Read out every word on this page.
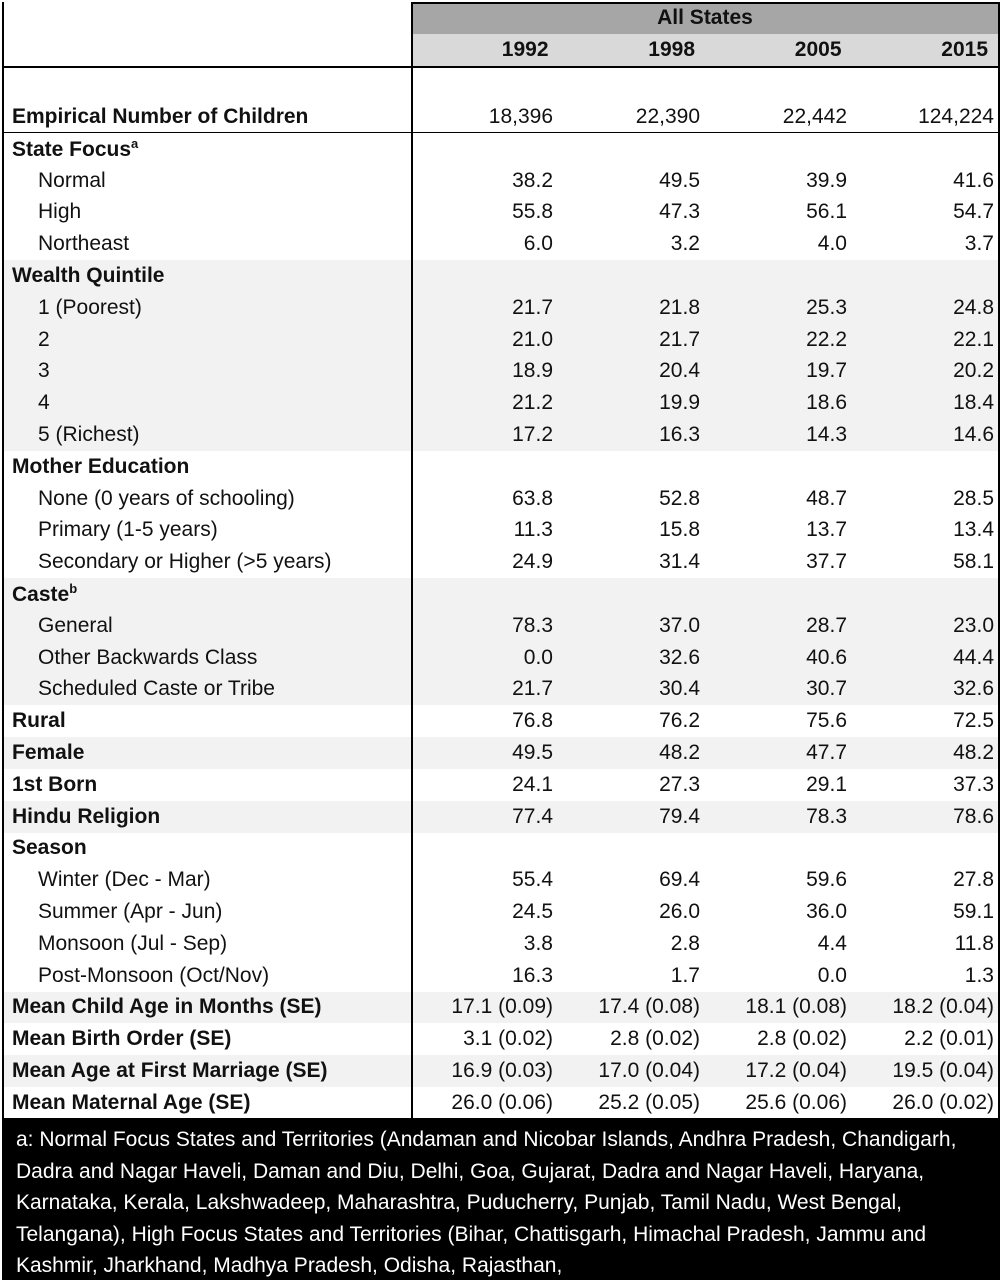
All States
1992	1998	2005	2015
Empirical Number of Children	18,396	22,390	22,442	124,224
State Focus$^a$
Normal	38.2	49.5	39.9	41.6
High	55.8	47.3	56.1	54.7
Northeast	6.0	3.2	4.0	3.7
Wealth Quintile
1 (Poorest)	21.7	21.8	25.3	24.8
2	21.0	21.7	22.2	22.1
3	18.9	20.4	19.7	20.2
4	21.2	19.9	18.6	18.4
5 (Richest)	17.2	16.3	14.3	14.6
Mother Education
None (0 years of schooling)	63.8	52.8	48.7	28.5
Primary (1-5 years)	11.3	15.8	13.7	13.4
Secondary or Higher (>5 years)	24.9	31.4	37.7	58.1
Caste$^b$
General	78.3	37.0	28.7	23.0
Other Backwards Class	0.0	32.6	40.6	44.4
Scheduled Caste or Tribe	21.7	30.4	30.7	32.6
Rural	76.8	76.2	75.6	72.5
Female	49.5	48.2	47.7	48.2
1st Born	24.1	27.3	29.1	37.3
Hindu Religion	77.4	79.4	78.3	78.6
Season
Winter (Dec - Mar)	55.4	69.4	59.6	27.8
Summer (Apr - Jun)	24.5	26.0	36.0	59.1
Monsoon (Jul - Sep)	3.8	2.8	4.4	11.8
Post-Monsoon (Oct/Nov)	16.3	1.7	0.0	1.3
Mean Child Age in Months (SE)	17.1 (0.09)	17.4 (0.08)	18.1 (0.08)	18.2 (0.04)
Mean Birth Order (SE)	3.1 (0.02)	2.8 (0.02)	2.8 (0.02)	2.2 (0.01)
Mean Age at First Marriage (SE)	16.9 (0.03)	17.0 (0.04)	17.2 (0.04)	19.5 (0.04)
Mean Maternal Age (SE)	26.0 (0.06)	25.2 (0.05)	25.6 (0.06)	26.0 (0.02)
a: Normal Focus States and Territories (Andaman and Nicobar Islands, Andhra Pradesh, Chandigarh, Dadra and Nagar Haveli, Daman and Diu, Delhi, Goa, Gujarat, Dadra and Nagar Haveli, Haryana, Karnataka, Kerala, Lakshwadeep, Maharashtra, Puducherry, Punjab, Tamil Nadu, West Bengal, Telangana), High Focus States and Territories (Bihar, Chattisgarh, Himachal Pradesh, Jammu and Kashmir, Jharkhand, Madhya Pradesh, Odisha, Rajasthan,
